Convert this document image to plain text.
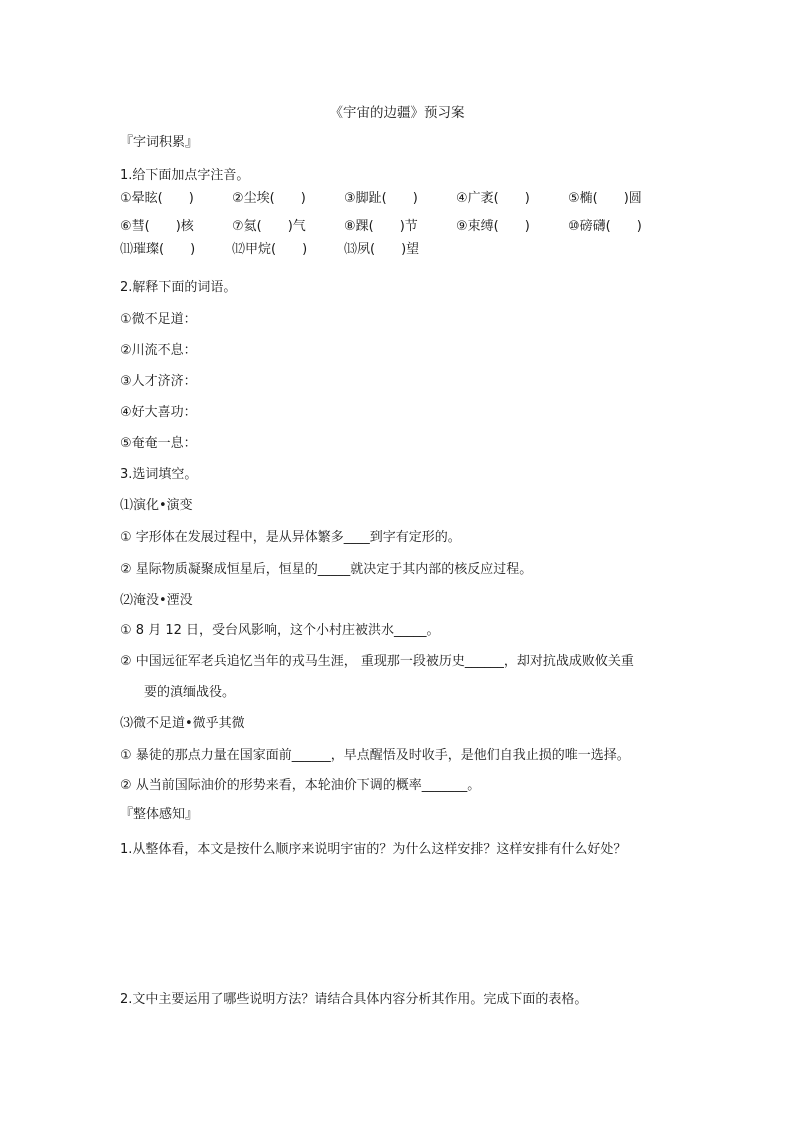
《宇宙的边疆》预习案
『字词积累』
1.给下面加点字注音。
①晕眩(　　)	②尘埃(　　)	③脚趾(　　)	④广袤(　　)	⑤椭(　　)圆
⑥彗(　　)核	⑦氦(　　)气	⑧踝(　　)节	⑨束缚(　　)	⑩磅礴(　　)
⑾璀璨(　　)	⑿甲烷(　　)	⒀夙(　　)望
2.解释下面的词语。
①微不足道：
②川流不息：
③人才济济：
④好大喜功：
⑤奄奄一息：
3.选词填空。
⑴演化•演变
① 字形体在发展过程中，是从异体繁多____到字有定形的。
② 星际物质凝聚成恒星后，恒星的_____就决定于其内部的核反应过程。
⑵淹没•湮没
① 8 月 12 日，受台风影响，这个小村庄被洪水_____。
② 中国远征军老兵追忆当年的戎马生涯， 重现那一段被历史______，却对抗战成败攸关重
要的滇缅战役。
⑶微不足道•微乎其微
① 暴徒的那点力量在国家面前______，早点醒悟及时收手，是他们自我止损的唯一选择。
② 从当前国际油价的形势来看，本轮油价下调的概率_______。
『整体感知』
1.从整体看，本文是按什么顺序来说明宇宙的？为什么这样安排？这样安排有什么好处？
2.文中主要运用了哪些说明方法？请结合具体内容分析其作用。完成下面的表格。
